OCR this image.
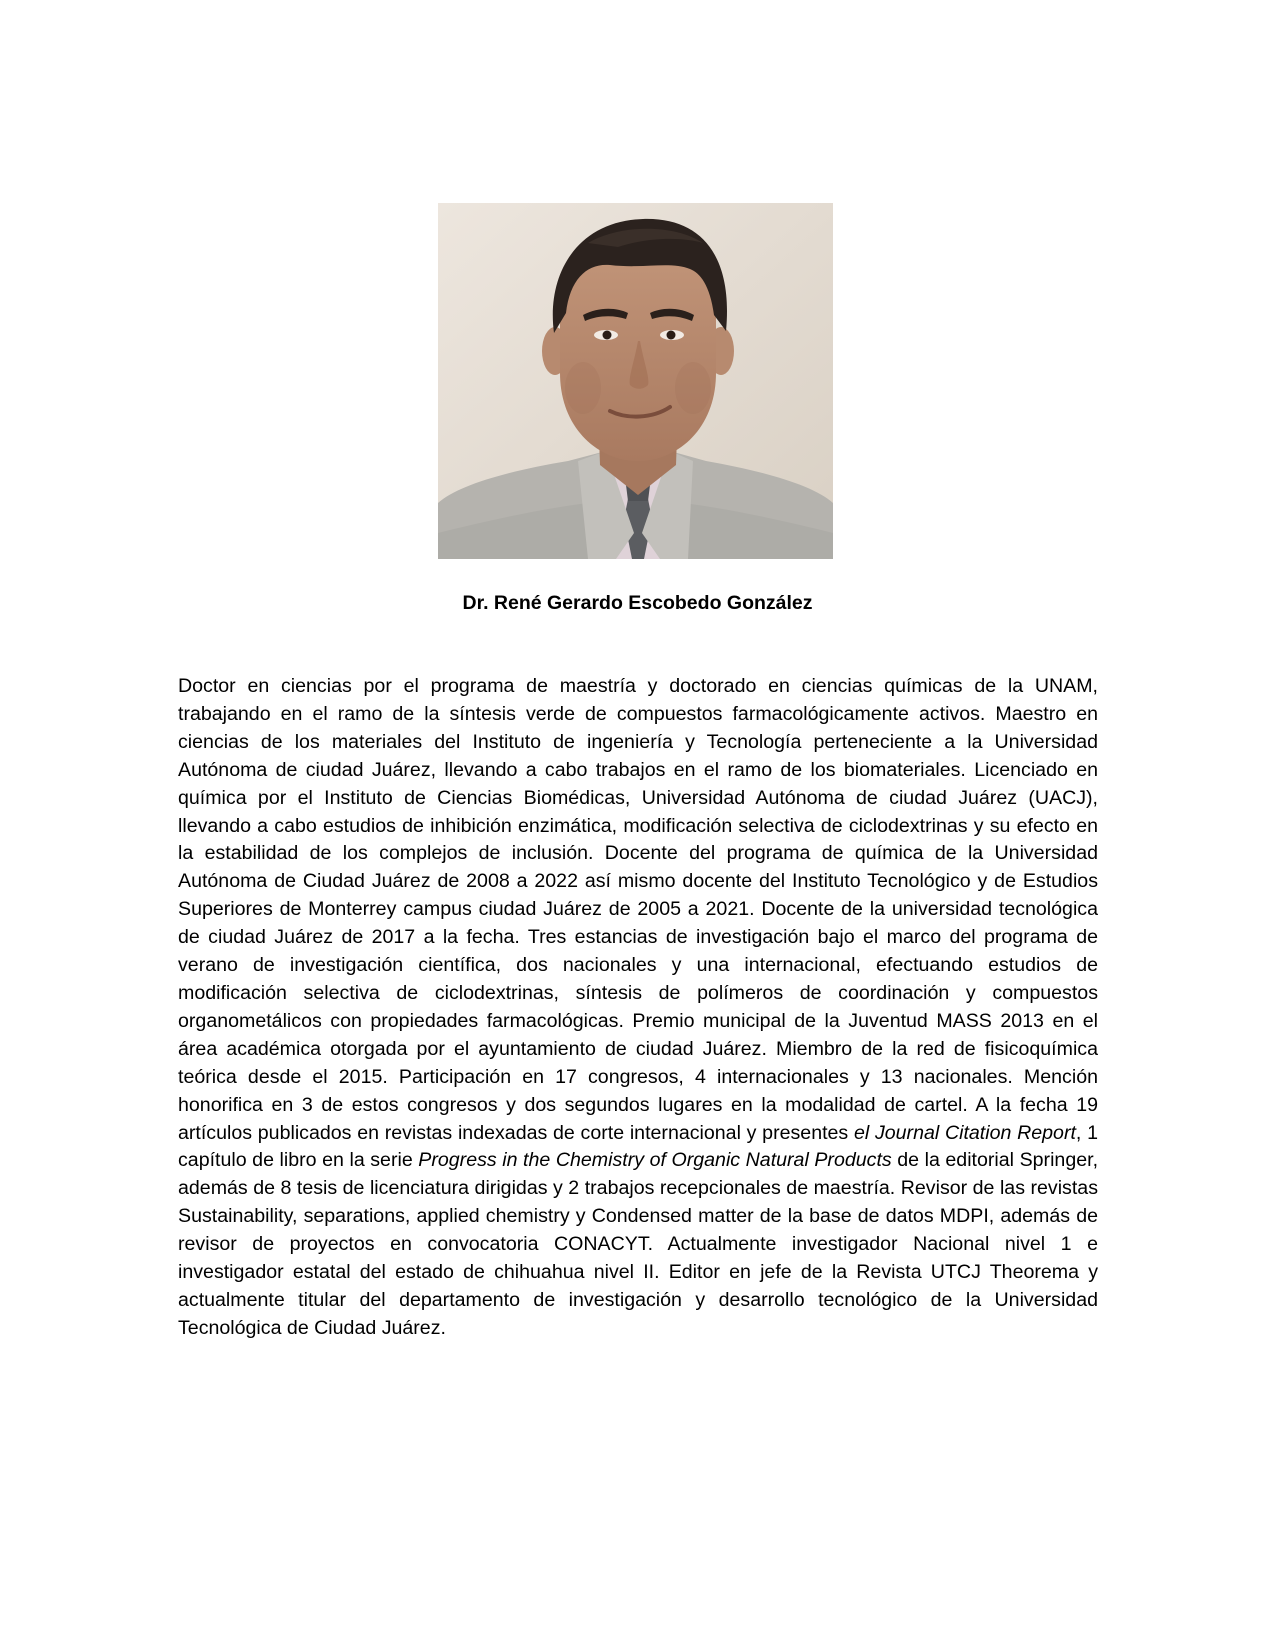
Dr. René Gerardo Escobedo González

Doctor en ciencias por el programa de maestría y doctorado en ciencias químicas de la UNAM, trabajando en el ramo de la síntesis verde de compuestos farmacológicamente activos. Maestro en ciencias de los materiales del Instituto de ingeniería y Tecnología perteneciente a la Universidad Autónoma de ciudad Juárez, llevando a cabo trabajos en el ramo de los biomateriales. Licenciado en química por el Instituto de Ciencias Biomédicas, Universidad Autónoma de ciudad Juárez (UACJ), llevando a cabo estudios de inhibición enzimática, modificación selectiva de ciclodextrinas y su efecto en la estabilidad de los complejos de inclusión. Docente del programa de química de la Universidad Autónoma de Ciudad Juárez de 2008 a 2022 así mismo docente del Instituto Tecnológico y de Estudios Superiores de Monterrey campus ciudad Juárez de 2005 a 2021. Docente de la universidad tecnológica de ciudad Juárez de 2017 a la fecha. Tres estancias de investigación bajo el marco del programa de verano de investigación científica, dos nacionales y una internacional, efectuando estudios de modificación selectiva de ciclodextrinas, síntesis de polímeros de coordinación y compuestos organometálicos con propiedades farmacológicas. Premio municipal de la Juventud MASS 2013 en el área académica otorgada por el ayuntamiento de ciudad Juárez. Miembro de la red de fisicoquímica teórica desde el 2015. Participación en 17 congresos, 4 internacionales y 13 nacionales. Mención honorifica en 3 de estos congresos y dos segundos lugares en la modalidad de cartel. A la fecha 19 artículos publicados en revistas indexadas de corte internacional y presentes el Journal Citation Report, 1 capítulo de libro en la serie Progress in the Chemistry of Organic Natural Products de la editorial Springer, además de 8 tesis de licenciatura dirigidas y 2 trabajos recepcionales de maestría. Revisor de las revistas Sustainability, separations, applied chemistry y Condensed matter de la base de datos MDPI, además de revisor de proyectos en convocatoria CONACYT. Actualmente investigador Nacional nivel 1 e investigador estatal del estado de chihuahua nivel II. Editor en jefe de la Revista UTCJ Theorema y actualmente titular del departamento de investigación y desarrollo tecnológico de la Universidad Tecnológica de Ciudad Juárez.
